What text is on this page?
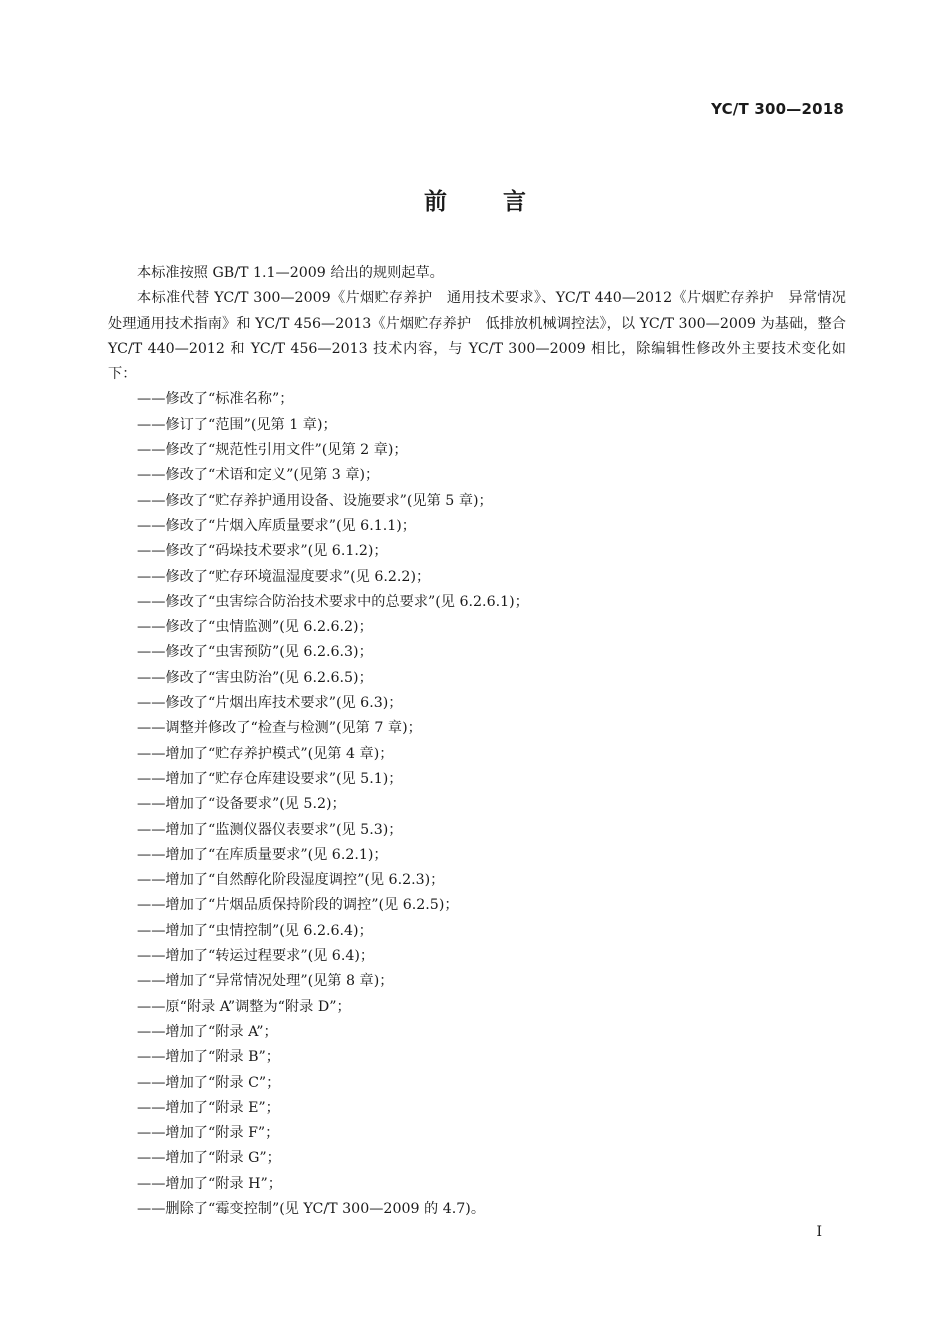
YC/T 300—2018
前言

本标准按照 GB/T 1.1—2009 给出的规则起草。

本标准代替 YC/T 300—2009《片烟贮存养护　通用技术要求》、YC/T 440—2012《片烟贮存养护　异常情况处理通用技术指南》和 YC/T 456—2013《片烟贮存养护　低排放机械调控法》，以 YC/T 300—2009 为基础，整合 YC/T 440—2012 和 YC/T 456—2013 技术内容，与 YC/T 300—2009 相比，除编辑性修改外主要技术变化如下：

——修改了“标准名称”；
——修订了“范围”(见第 1 章)；
——修改了“规范性引用文件”(见第 2 章)；
——修改了“术语和定义”(见第 3 章)；
——修改了“贮存养护通用设备、设施要求”(见第 5 章)；
——修改了“片烟入库质量要求”(见 6.1.1)；
——修改了“码垛技术要求”(见 6.1.2)；
——修改了“贮存环境温湿度要求”(见 6.2.2)；
——修改了“虫害综合防治技术要求中的总要求”(见 6.2.6.1)；
——修改了“虫情监测”(见 6.2.6.2)；
——修改了“虫害预防”(见 6.2.6.3)；
——修改了“害虫防治”(见 6.2.6.5)；
——修改了“片烟出库技术要求”(见 6.3)；
——调整并修改了“检查与检测”(见第 7 章)；
——增加了“贮存养护模式”(见第 4 章)；
——增加了“贮存仓库建设要求”(见 5.1)；
——增加了“设备要求”(见 5.2)；
——增加了“监测仪器仪表要求”(见 5.3)；
——增加了“在库质量要求”(见 6.2.1)；
——增加了“自然醇化阶段湿度调控”(见 6.2.3)；
——增加了“片烟品质保持阶段的调控”(见 6.2.5)；
——增加了“虫情控制”(见 6.2.6.4)；
——增加了“转运过程要求”(见 6.4)；
——增加了“异常情况处理”(见第 8 章)；
——原“附录 A”调整为“附录 D”；
——增加了“附录 A”；
——增加了“附录 B”；
——增加了“附录 C”；
——增加了“附录 E”；
——增加了“附录 F”；
——增加了“附录 G”；
——增加了“附录 H”；
——删除了“霉变控制”(见 YC/T 300—2009 的 4.7)。
I
